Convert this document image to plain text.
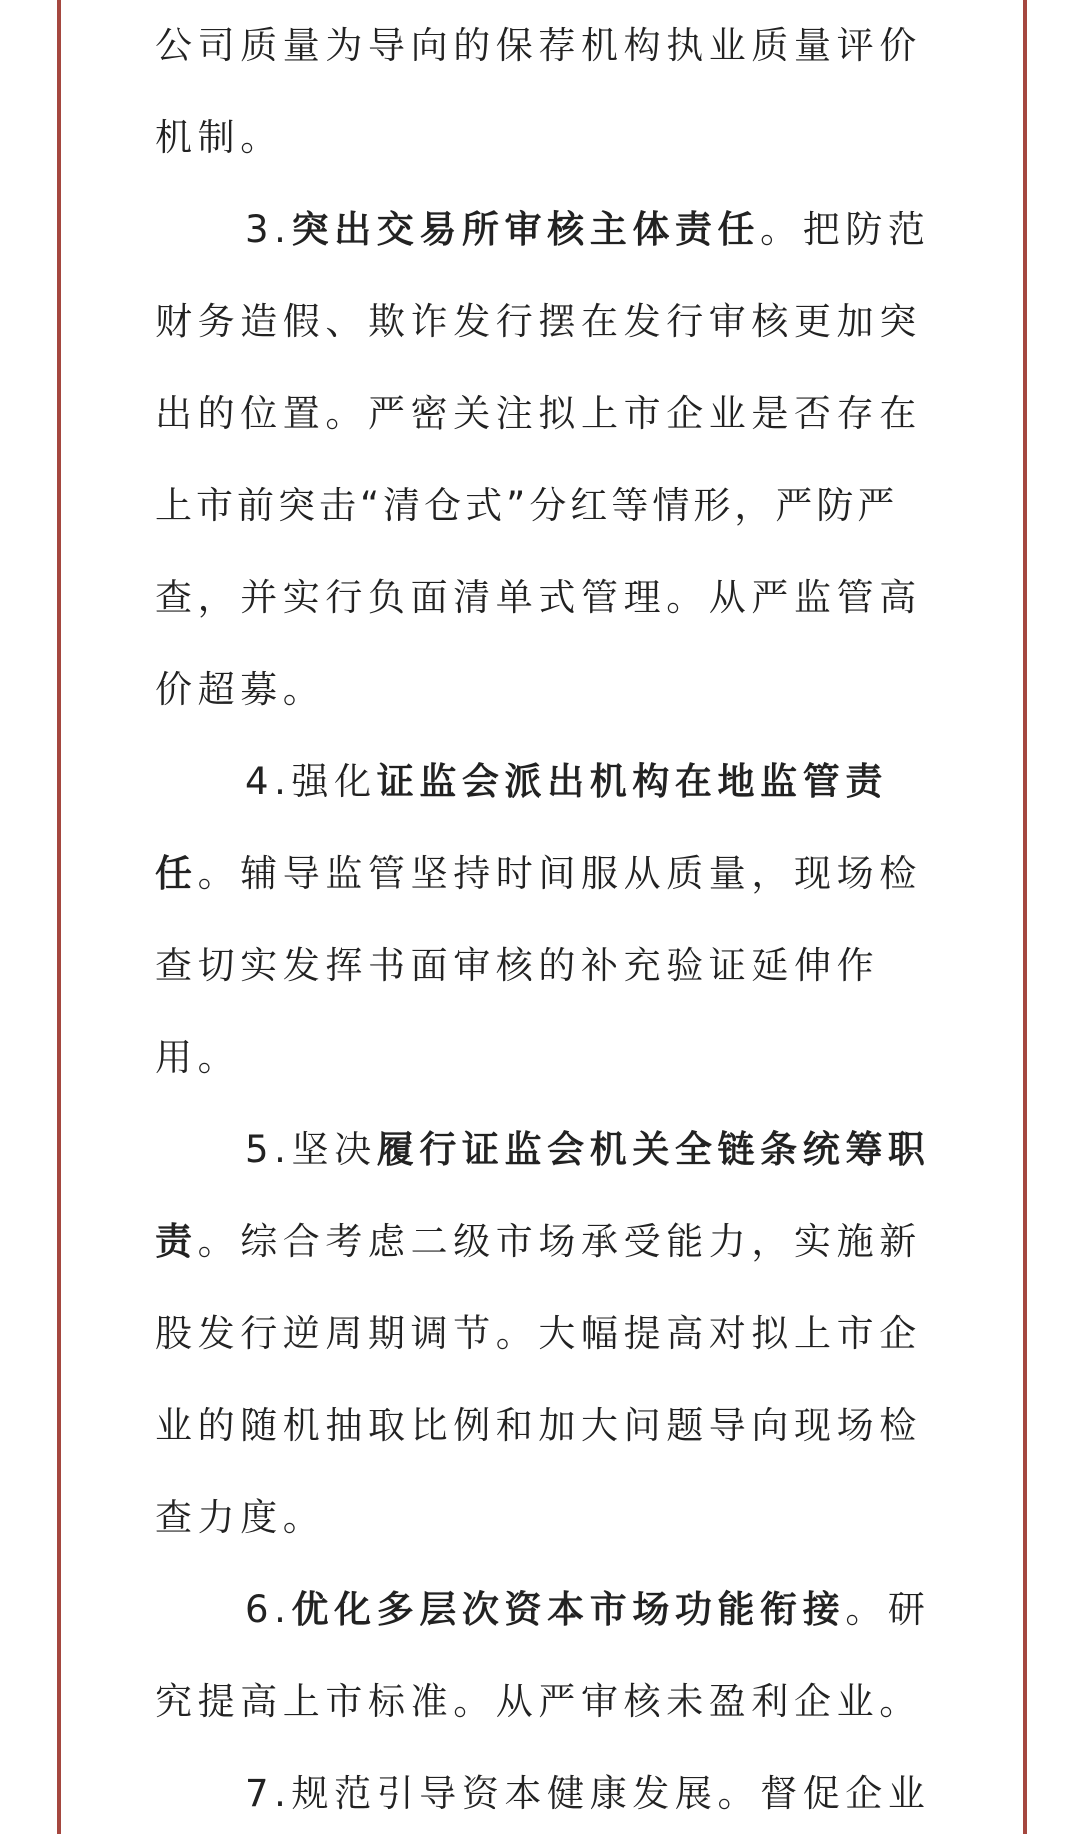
公司质量为导向的保荐机构执业质量评价
机制。
3.突出交易所审核主体责任。把防范
财务造假、欺诈发行摆在发行审核更加突
出的位置。严密关注拟上市企业是否存在
上市前突击“清仓式”分红等情形，严防严
查，并实行负面清单式管理。从严监管高
价超募。
4.强化证监会派出机构在地监管责
任。辅导监管坚持时间服从质量，现场检
查切实发挥书面审核的补充验证延伸作
用。
5.坚决履行证监会机关全链条统筹职
责。综合考虑二级市场承受能力，实施新
股发行逆周期调节。大幅提高对拟上市企
业的随机抽取比例和加大问题导向现场检
查力度。
6.优化多层次资本市场功能衔接。研
究提高上市标准。从严审核未盈利企业。
7.规范引导资本健康发展。督促企业
